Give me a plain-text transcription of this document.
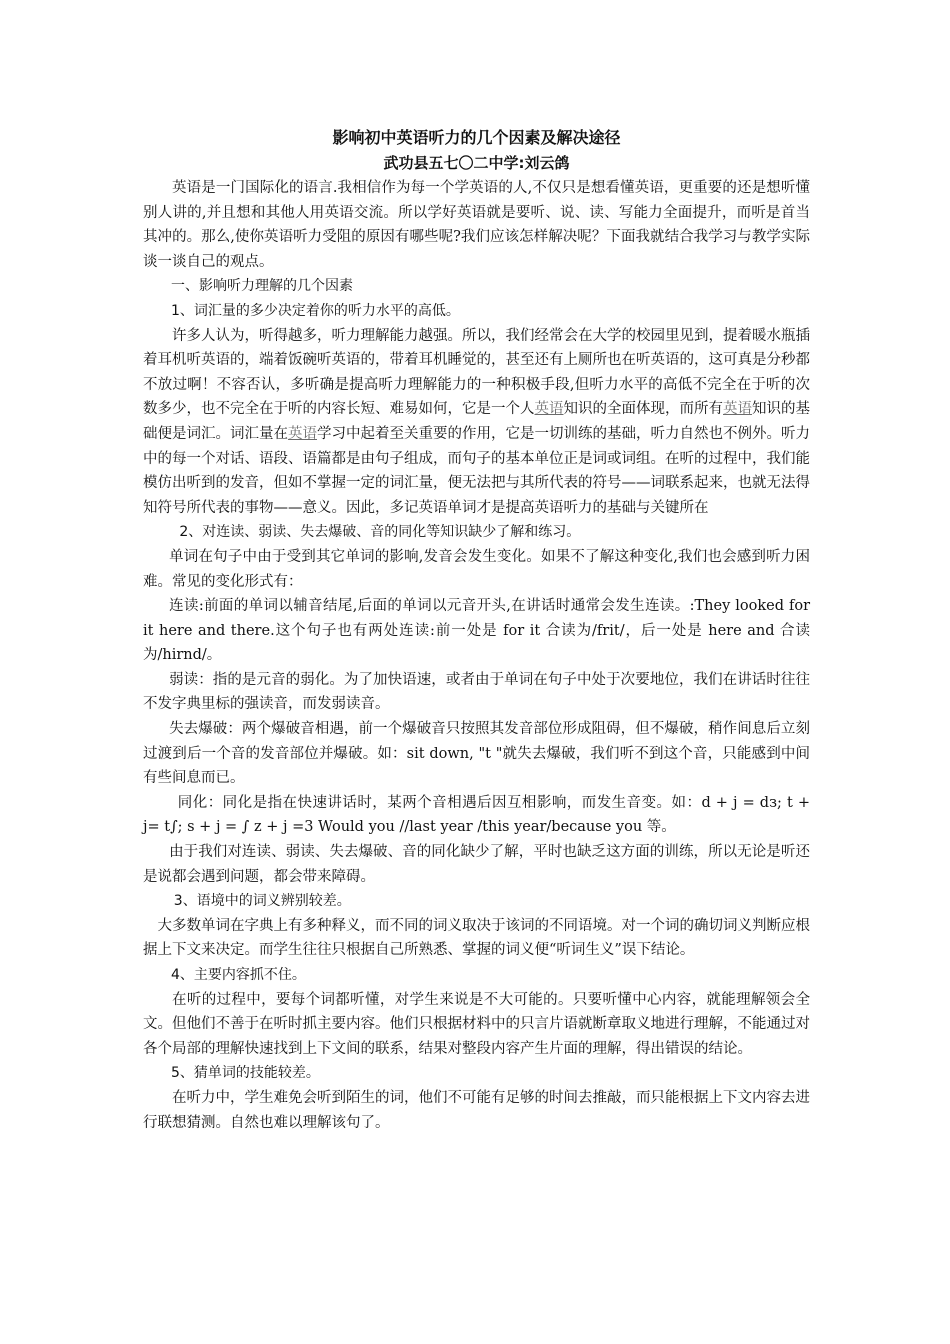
影响初中英语听力的几个因素及解决途径

武功县五七〇二中学:刘云鸽

英语是一门国际化的语言.我相信作为每一个学英语的人,不仅只是想看懂英语，更重要的还是想听懂别人讲的,并且想和其他人用英语交流。所以学好英语就是要听、说、读、写能力全面提升，而听是首当其冲的。那么,使你英语听力受阻的原因有哪些呢?我们应该怎样解决呢？下面我就结合我学习与教学实际谈一谈自己的观点。

一、影响听力理解的几个因素

1、词汇量的多少决定着你的听力水平的高低。

许多人认为，听得越多，听力理解能力越强。所以，我们经常会在大学的校园里见到，提着暖水瓶插着耳机听英语的，端着饭碗听英语的，带着耳机睡觉的，甚至还有上厕所也在听英语的，这可真是分秒都不放过啊！不容否认，多听确是提高听力理解能力的一种积极手段,但听力水平的高低不完全在于听的次数多少，也不完全在于听的内容长短、难易如何，它是一个人英语知识的全面体现，而所有英语知识的基础便是词汇。词汇量在英语学习中起着至关重要的作用，它是一切训练的基础，听力自然也不例外。听力中的每一个对话、语段、语篇都是由句子组成，而句子的基本单位正是词或词组。在听的过程中，我们能模仿出听到的发音，但如不掌握一定的词汇量，便无法把与其所代表的符号——词联系起来，也就无法得知符号所代表的事物——意义。因此，多记英语单词才是提高英语听力的基础与关键所在

2、对连读、弱读、失去爆破、音的同化等知识缺少了解和练习。

单词在句子中由于受到其它单词的影响,发音会发生变化。如果不了解这种变化,我们也会感到听力困难。常见的变化形式有：

连读:前面的单词以辅音结尾,后面的单词以元音开头,在讲话时通常会发生连读。:They looked for it here and there.这个句子也有两处连读:前一处是 for it 合读为/frit/，后一处是 here and 合读为/hirnd/。

弱读：指的是元音的弱化。为了加快语速，或者由于单词在句子中处于次要地位，我们在讲话时往往不发字典里标的强读音，而发弱读音。

失去爆破：两个爆破音相遇，前一个爆破音只按照其发音部位形成阻碍，但不爆破，稍作间息后立刻过渡到后一个音的发音部位并爆破。如：sit down, "t "就失去爆破，我们听不到这个音，只能感到中间有些间息而已。

同化：同化是指在快速讲话时，某两个音相遇后因互相影响，而发生音变。如：d + j = dз; t + j= t∫; s + j = ∫ z + j =3 Would you //last year /this year/because you 等。

由于我们对连读、弱读、失去爆破、音的同化缺少了解，平时也缺乏这方面的训练，所以无论是听还是说都会遇到问题，都会带来障碍。

3、语境中的词义辨别较差。

大多数单词在字典上有多种释义，而不同的词义取决于该词的不同语境。对一个词的确切词义判断应根据上下文来决定。而学生往往只根据自己所熟悉、掌握的词义便“听词生义”误下结论。

4、主要内容抓不住。

在听的过程中，要每个词都听懂，对学生来说是不大可能的。只要听懂中心内容，就能理解领会全文。但他们不善于在听时抓主要内容。他们只根据材料中的只言片语就断章取义地进行理解，不能通过对各个局部的理解快速找到上下文间的联系，结果对整段内容产生片面的理解，得出错误的结论。

5、猜单词的技能较差。

在听力中，学生难免会听到陌生的词，他们不可能有足够的时间去推敲，而只能根据上下文内容去进行联想猜测。自然也难以理解该句了。
